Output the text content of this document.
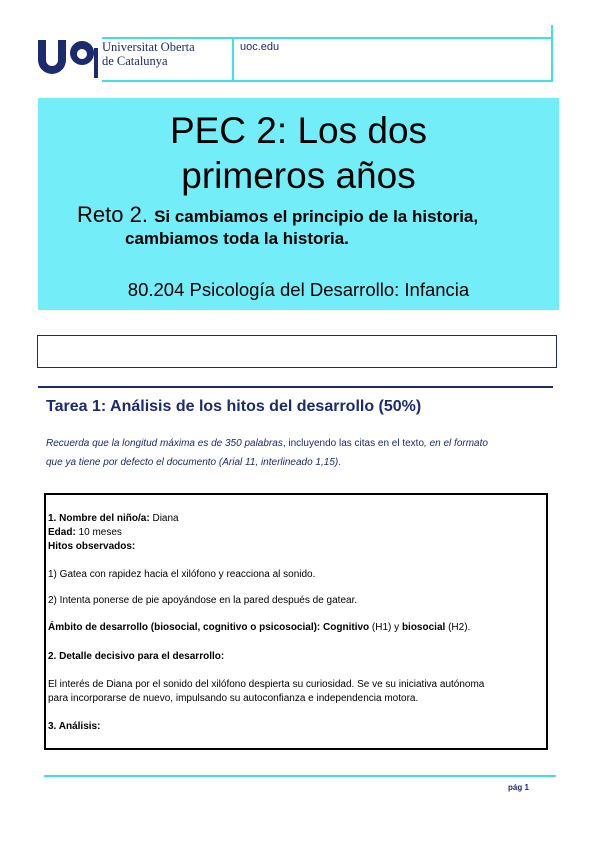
Universitat Oberta
de Catalunya
uoc.edu
PEC 2: Los dos
primeros años
Reto 2. Si cambiamos el principio de la historia,
cambiamos toda la historia.
80.204 Psicología del Desarrollo: Infancia
Tarea 1: Análisis de los hitos del desarrollo (50%)
Recuerda que la longitud máxima es de 350 palabras, incluyendo las citas en el texto, en el formato
que ya tiene por defecto el documento (Arial 11, interlineado 1,15).
1. Nombre del niño/a: Diana
Edad: 10 meses
Hitos observados:
1) Gatea con rapidez hacia el xilófono y reacciona al sonido.
2) Intenta ponerse de pie apoyándose en la pared después de gatear.
Ámbito de desarrollo (biosocial, cognitivo o psicosocial): Cognitivo (H1) y biosocial (H2).
2. Detalle decisivo para el desarrollo:
El interés de Diana por el sonido del xilófono despierta su curiosidad. Se ve su iniciativa autónoma
para incorporarse de nuevo, impulsando su autoconfianza e independencia motora.
3. Análisis:
pág 1
